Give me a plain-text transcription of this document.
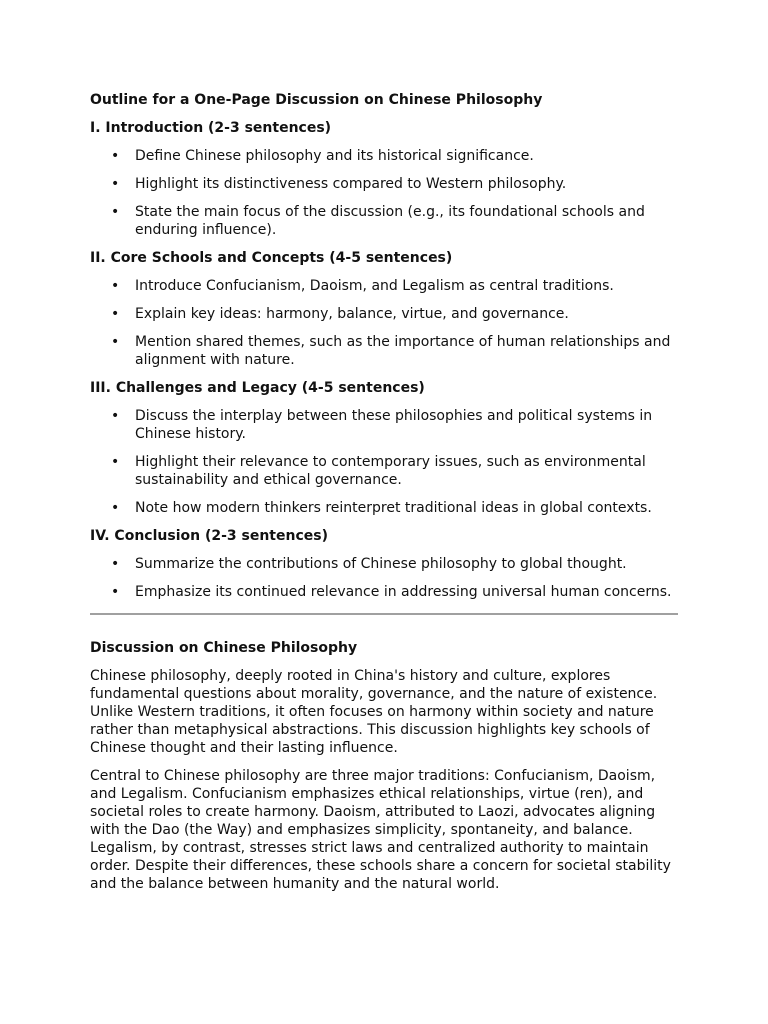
Outline for a One-Page Discussion on Chinese Philosophy
I. Introduction (2-3 sentences)
• Define Chinese philosophy and its historical significance.
• Highlight its distinctiveness compared to Western philosophy.
• State the main focus of the discussion (e.g., its foundational schools and enduring influence).
II. Core Schools and Concepts (4-5 sentences)
• Introduce Confucianism, Daoism, and Legalism as central traditions.
• Explain key ideas: harmony, balance, virtue, and governance.
• Mention shared themes, such as the importance of human relationships and alignment with nature.
III. Challenges and Legacy (4-5 sentences)
• Discuss the interplay between these philosophies and political systems in Chinese history.
• Highlight their relevance to contemporary issues, such as environmental sustainability and ethical governance.
• Note how modern thinkers reinterpret traditional ideas in global contexts.
IV. Conclusion (2-3 sentences)
• Summarize the contributions of Chinese philosophy to global thought.
• Emphasize its continued relevance in addressing universal human concerns.
Discussion on Chinese Philosophy

Chinese philosophy, deeply rooted in China's history and culture, explores fundamental questions about morality, governance, and the nature of existence. Unlike Western traditions, it often focuses on harmony within society and nature rather than metaphysical abstractions. This discussion highlights key schools of Chinese thought and their lasting influence.

Central to Chinese philosophy are three major traditions: Confucianism, Daoism, and Legalism. Confucianism emphasizes ethical relationships, virtue (ren), and societal roles to create harmony. Daoism, attributed to Laozi, advocates aligning with the Dao (the Way) and emphasizes simplicity, spontaneity, and balance. Legalism, by contrast, stresses strict laws and centralized authority to maintain order. Despite their differences, these schools share a concern for societal stability and the balance between humanity and the natural world.
